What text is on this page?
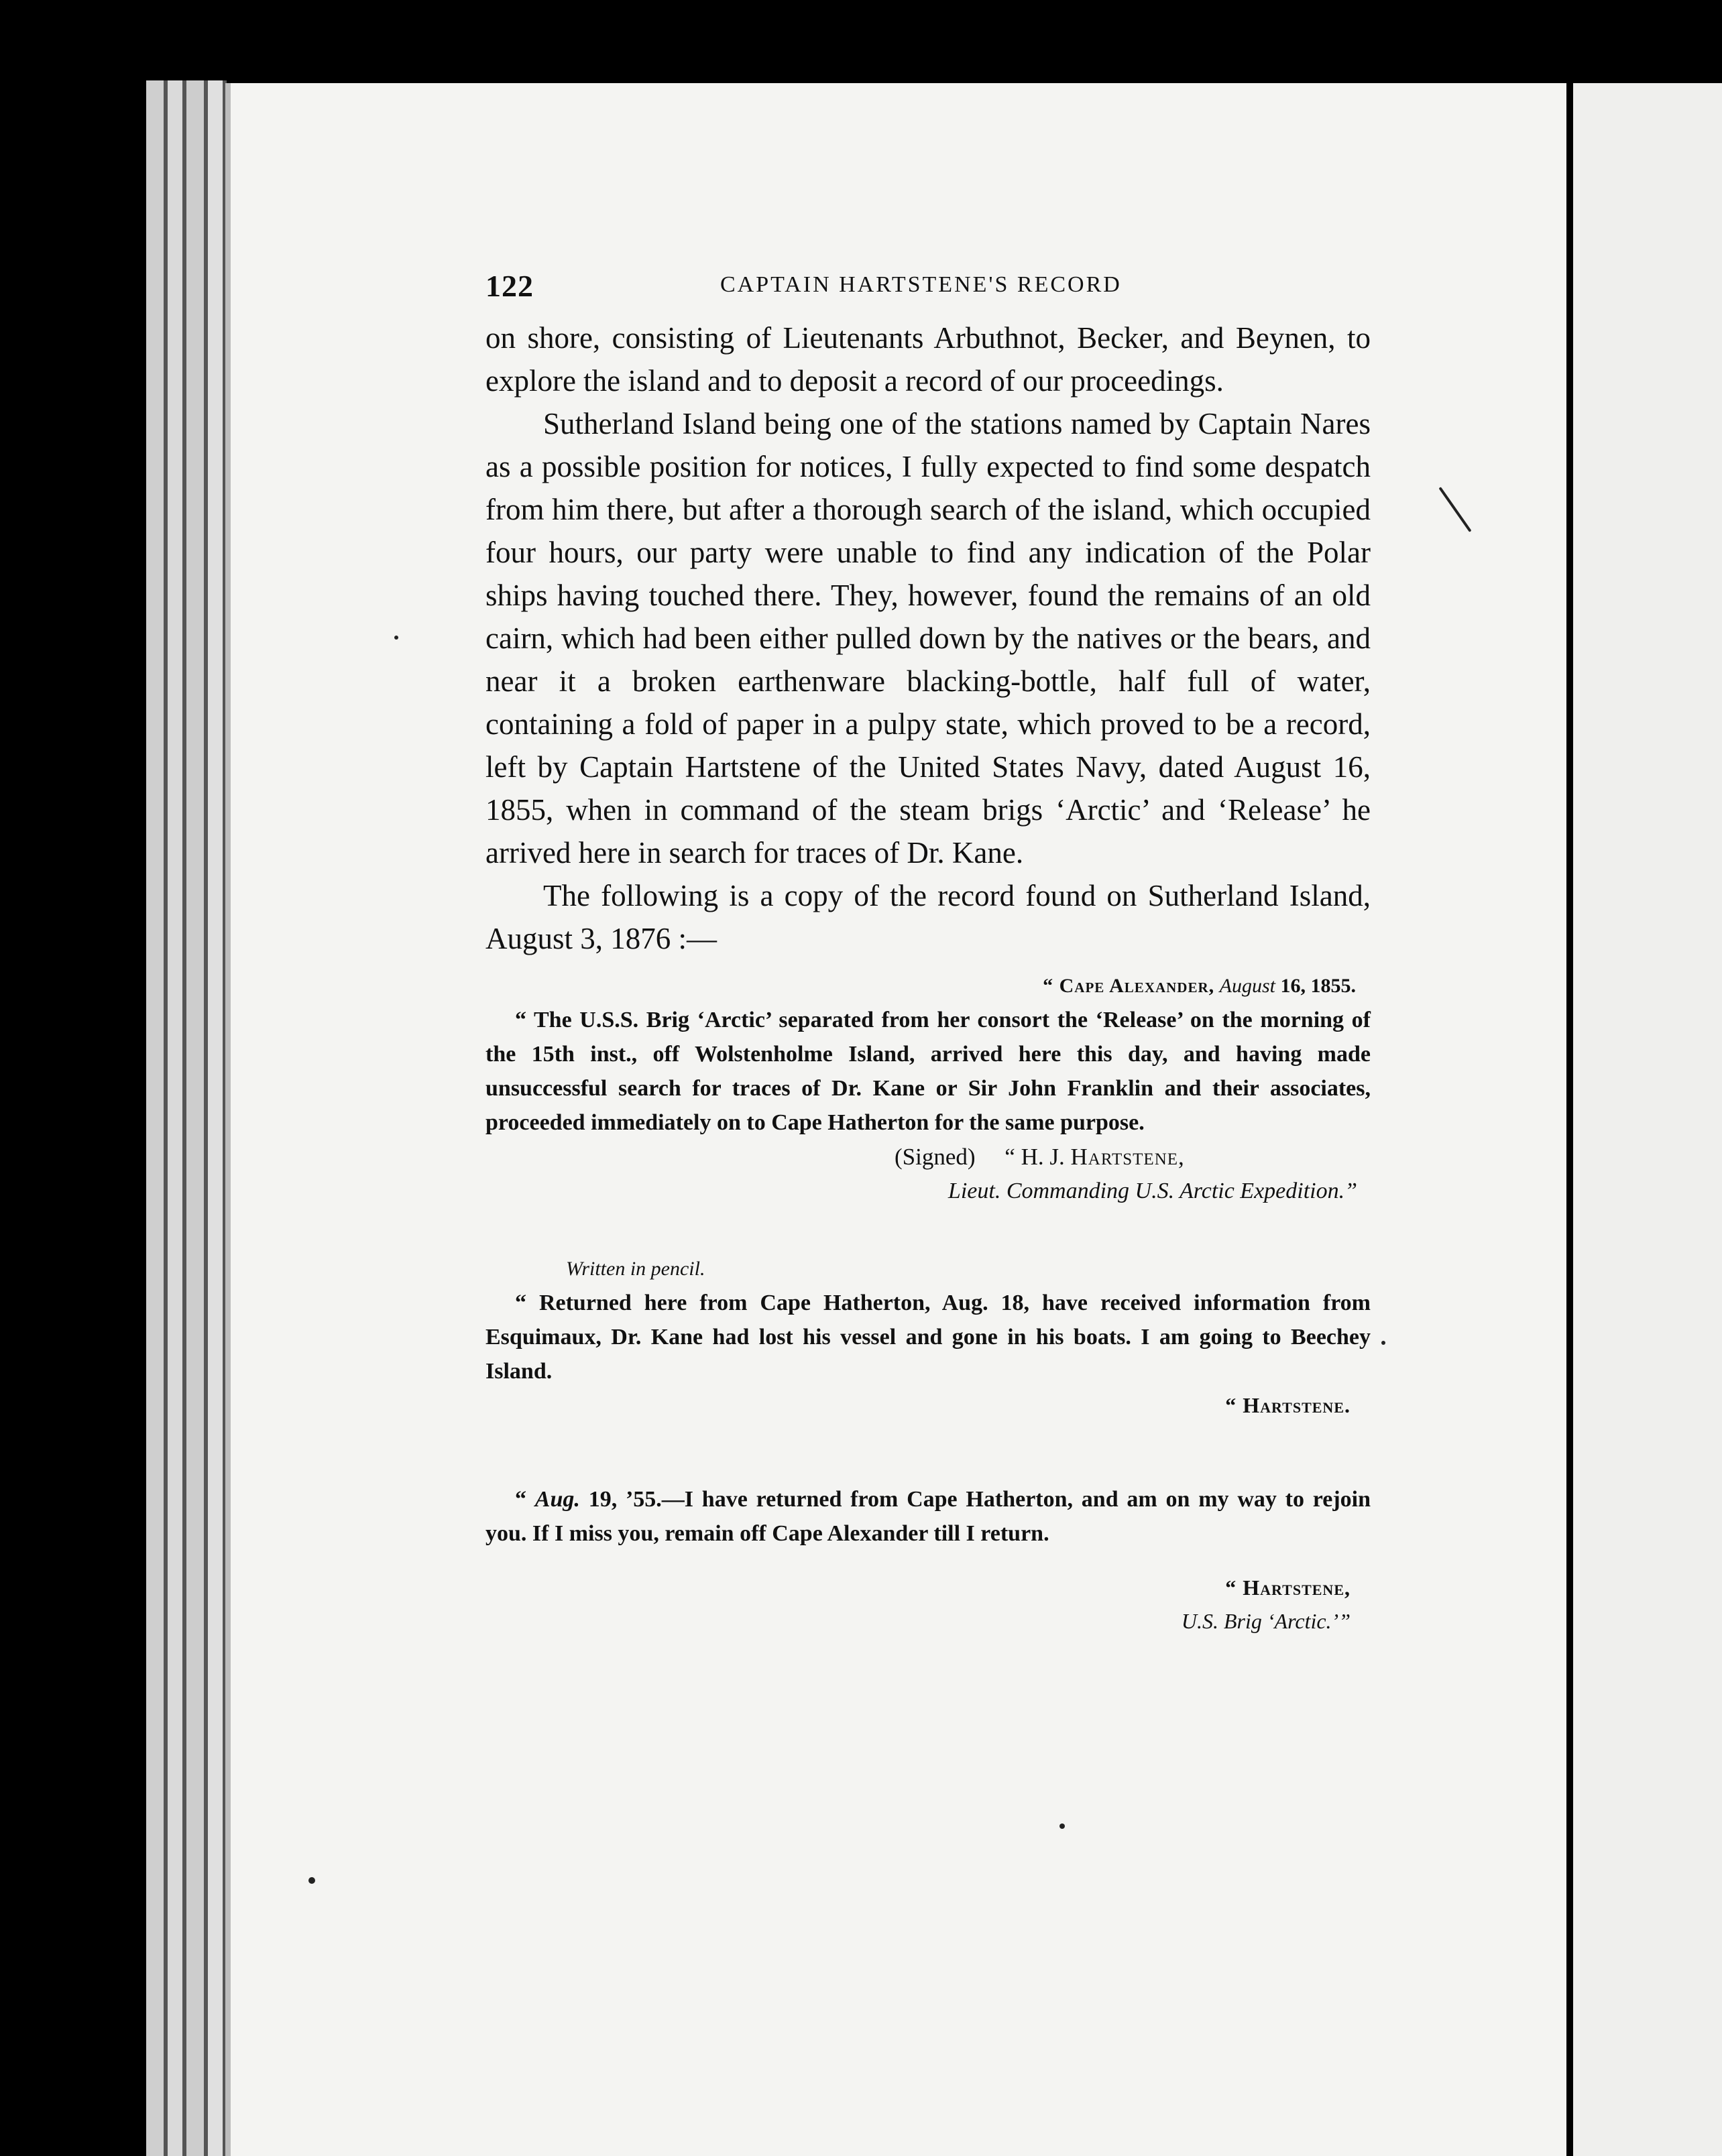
122	CAPTAIN HARTSTENE'S RECORD

on shore, consisting of Lieutenants Arbuthnot, Becker, and Beynen, to explore the island and to deposit a record of our proceedings.

Sutherland Island being one of the stations named by Captain Nares as a possible position for notices, I fully expected to find some despatch from him there, but after a thorough search of the island, which occupied four hours, our party were unable to find any indication of the Polar ships having touched there. They, however, found the remains of an old cairn, which had been either pulled down by the natives or the bears, and near it a broken earthenware blacking-bottle, half full of water, containing a fold of paper in a pulpy state, which proved to be a record, left by Captain Hartstene of the United States Navy, dated August 16, 1855, when in command of the steam brigs ‘Arctic’ and ‘Release’ he arrived here in search for traces of Dr. Kane.

The following is a copy of the record found on Sutherland Island, August 3, 1876 :—

“ Cape Alexander, August 16, 1855.

“ The U.S.S. Brig ‘Arctic’ separated from her consort the ‘Release’ on the morning of the 15th inst., off Wolstenholme Island, arrived here this day, and having made unsuccessful search for traces of Dr. Kane or Sir John Franklin and their associates, proceeded immediately on to Cape Hatherton for the same purpose.

(Signed) “ H. J. Hartstene,
Lieut. Commanding U.S. Arctic Expedition.”
Written in pencil.

“ Returned here from Cape Hatherton, Aug. 18, have received information from Esquimaux, Dr. Kane had lost his vessel and gone in his boats. I am going to Beechey Island.

“ Hartstene.

“ Aug. 19, ’55.—I have returned from Cape Hatherton, and am on my way to rejoin you. If I miss you, remain off Cape Alexander till I return.

“ Hartstene,
U.S. Brig ‘Arctic.’”
